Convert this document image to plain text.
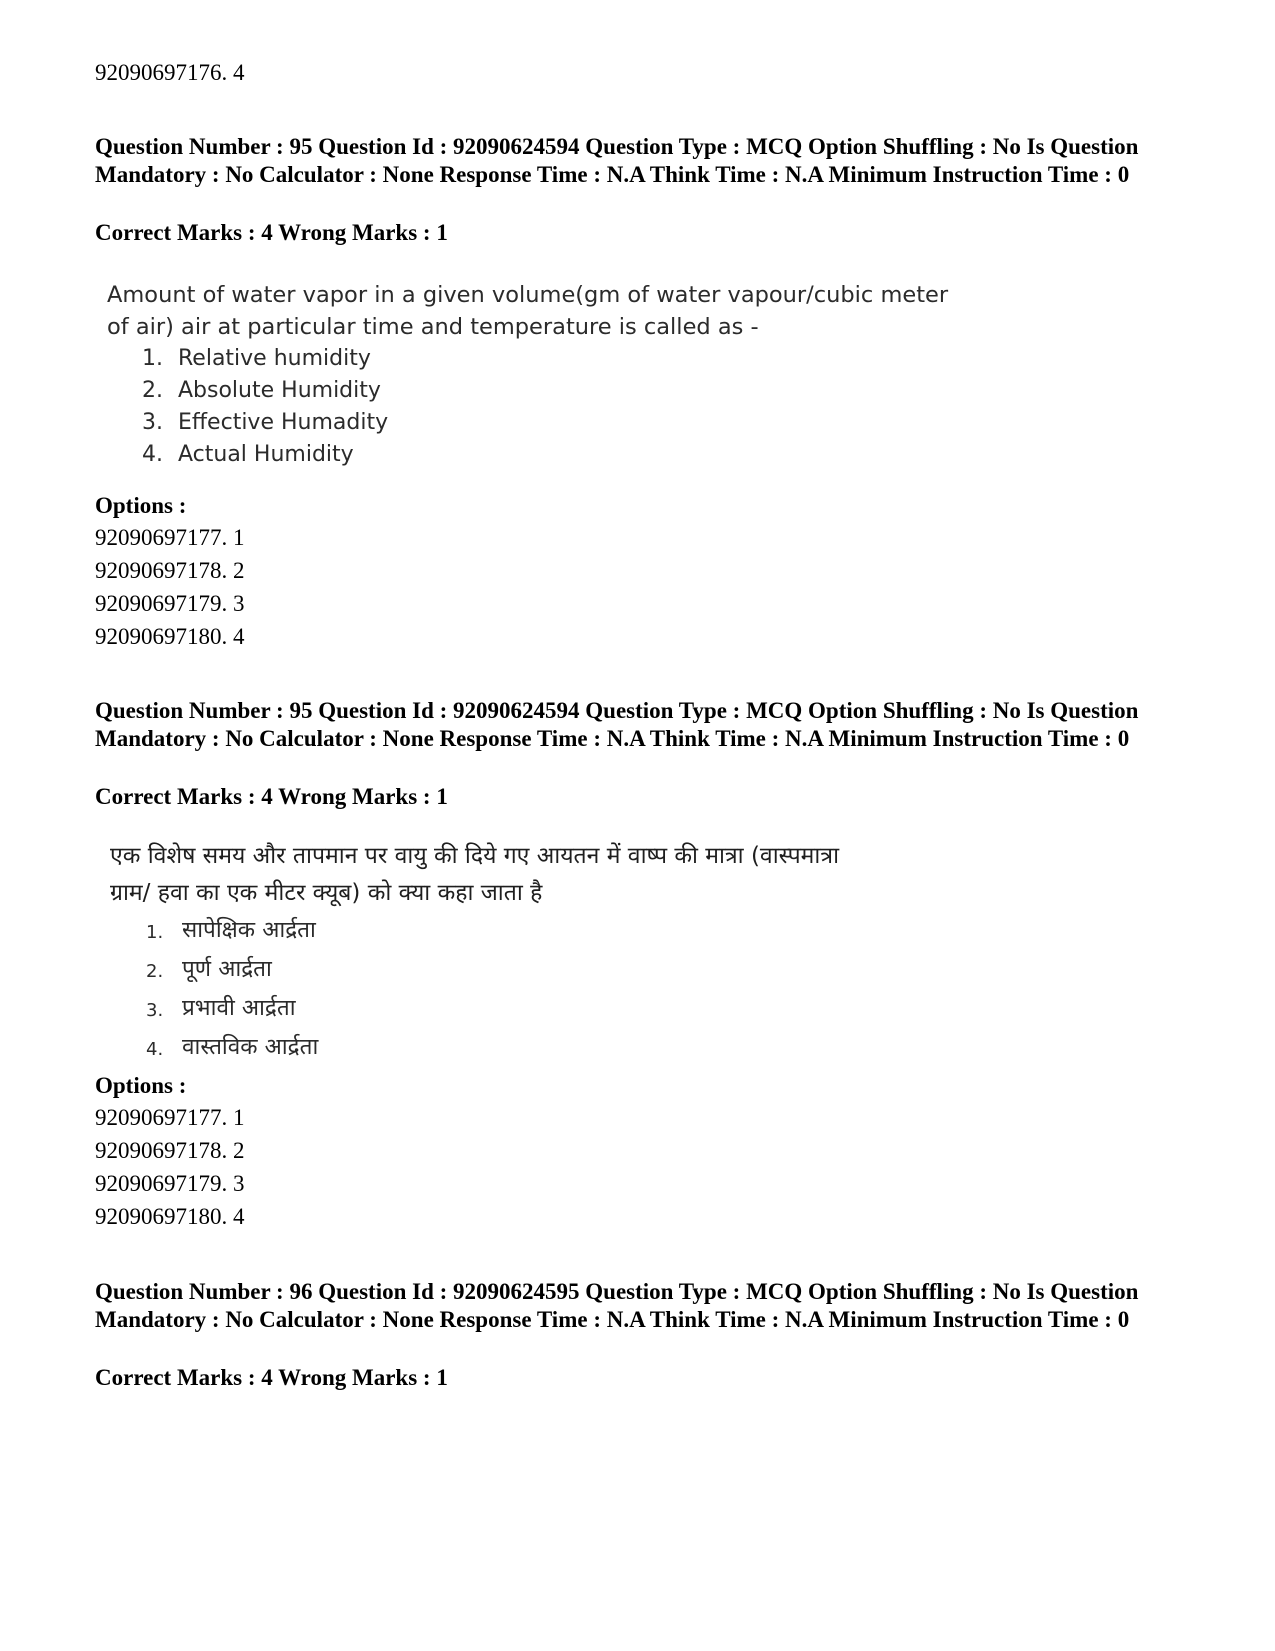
92090697176. 4
Question Number : 95 Question Id : 92090624594 Question Type : MCQ Option Shuffling : No Is Question Mandatory : No Calculator : None Response Time : N.A Think Time : N.A Minimum Instruction Time : 0
Correct Marks : 4 Wrong Marks : 1
Amount of water vapor in a given volume(gm of water vapour/cubic meter
of air) air at particular time and temperature is called as -
1. Relative humidity
2. Absolute Humidity
3. Effective Humadity
4. Actual Humidity
Options :
92090697177. 1
92090697178. 2
92090697179. 3
92090697180. 4
Question Number : 95 Question Id : 92090624594 Question Type : MCQ Option Shuffling : No Is Question Mandatory : No Calculator : None Response Time : N.A Think Time : N.A Minimum Instruction Time : 0
Correct Marks : 4 Wrong Marks : 1
एक विशेष समय और तापमान पर वायु की दिये गए आयतन में वाष्प की मात्रा (वास्पमात्रा
ग्राम/ हवा का एक मीटर क्यूब) को क्या कहा जाता है
1. सापेक्षिक आर्द्रता
2. पूर्ण आर्द्रता
3. प्रभावी आर्द्रता
4. वास्तविक आर्द्रता
Options :
92090697177. 1
92090697178. 2
92090697179. 3
92090697180. 4
Question Number : 96 Question Id : 92090624595 Question Type : MCQ Option Shuffling : No Is Question Mandatory : No Calculator : None Response Time : N.A Think Time : N.A Minimum Instruction Time : 0
Correct Marks : 4 Wrong Marks : 1
